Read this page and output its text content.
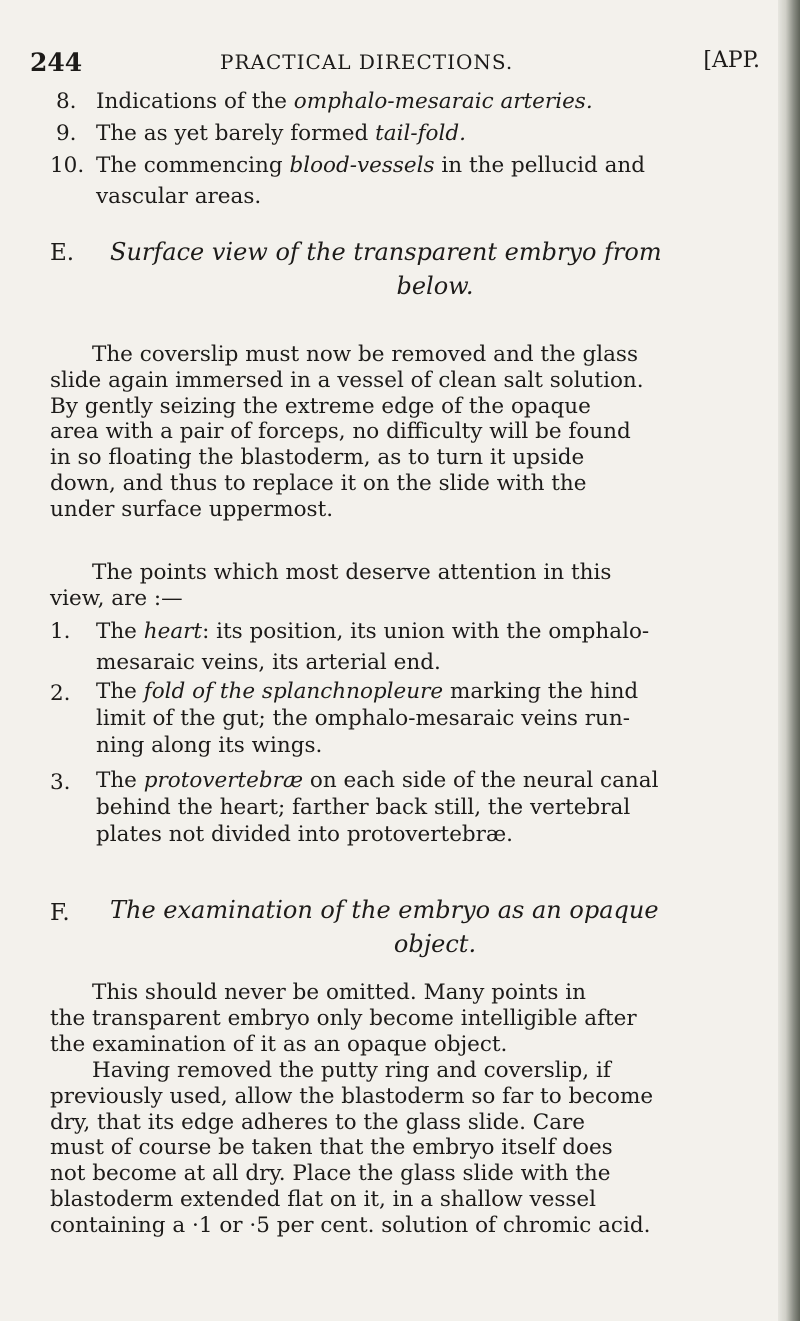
244	PRACTICAL DIRECTIONS.	[APP.
8. Indications of the omphalo-mesaraic arteries.
9. The as yet barely formed tail-fold.
10. The commencing blood-vessels in the pellucid and
vascular areas.
E. Surface view of the transparent embryo from
below.
The coverslip must now be removed and the glass
slide again immersed in a vessel of clean salt solution.
By gently seizing the extreme edge of the opaque
area with a pair of forceps, no difficulty will be found
in so floating the blastoderm, as to turn it upside
down, and thus to replace it on the slide with the
under surface uppermost.
The points which most deserve attention in this
view, are :—
1. The heart: its position, its union with the omphalo-
mesaraic veins, its arterial end.
2. The fold of the splanchnopleure marking the hind
limit of the gut; the omphalo-mesaraic veins run-
ning along its wings.
3. The protovertebræ on each side of the neural canal
behind the heart; farther back still, the vertebral
plates not divided into protovertebræ.
F. The examination of the embryo as an opaque
object.
This should never be omitted. Many points in
the transparent embryo only become intelligible after
the examination of it as an opaque object.
Having removed the putty ring and coverslip, if
previously used, allow the blastoderm so far to become
dry, that its edge adheres to the glass slide. Care
must of course be taken that the embryo itself does
not become at all dry. Place the glass slide with the
blastoderm extended flat on it, in a shallow vessel
containing a ·1 or ·5 per cent. solution of chromic acid.
